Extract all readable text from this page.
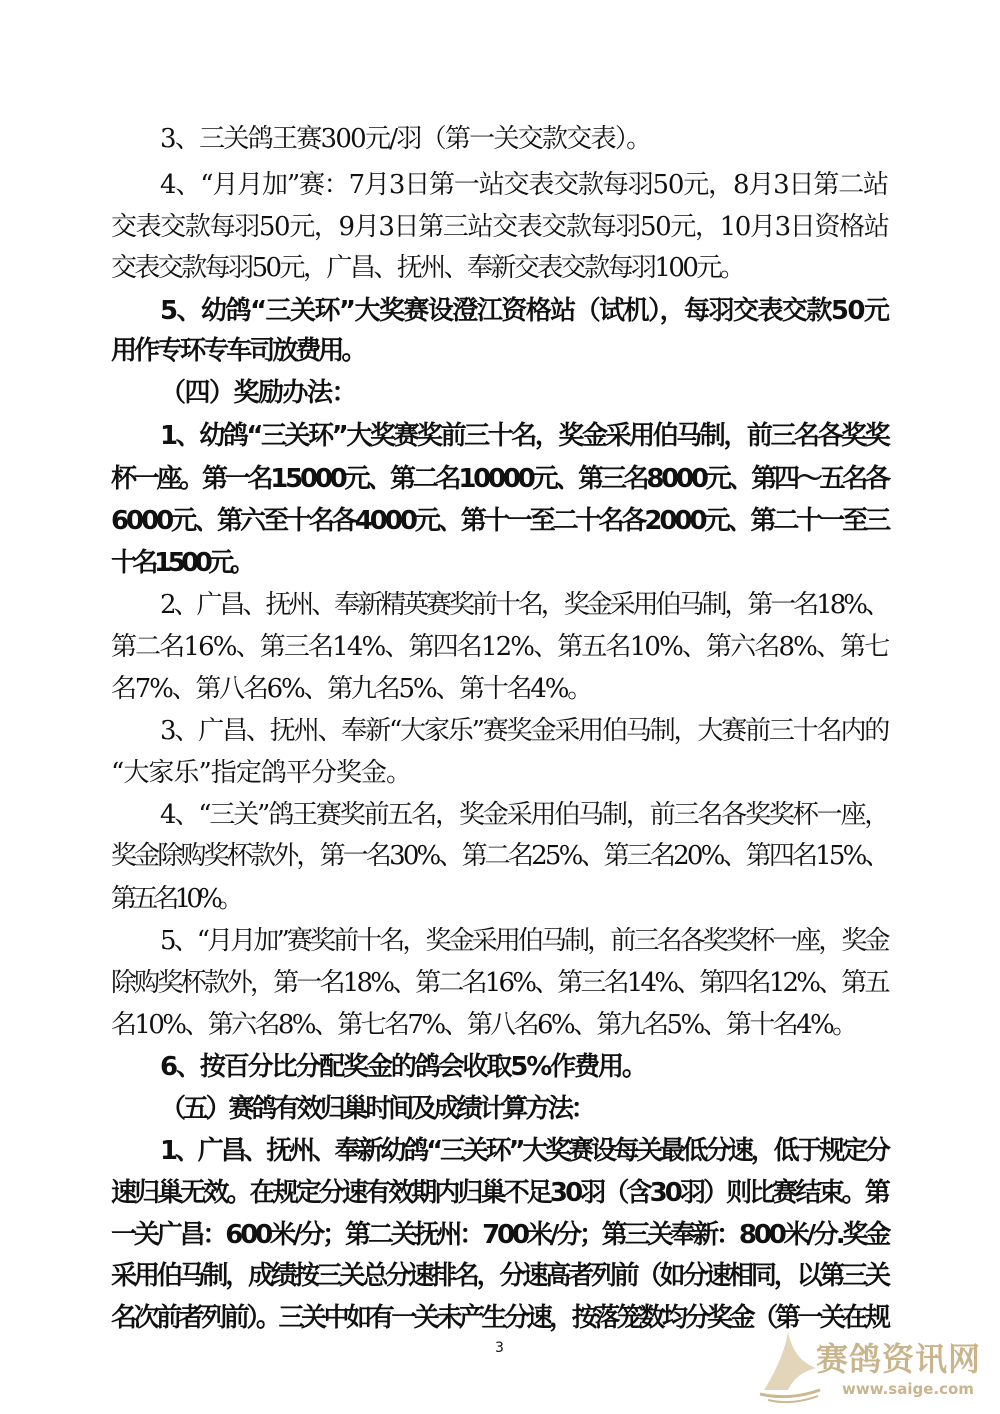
3、三关鸽王赛300元/羽（第一关交款交表）。
4、“月月加”赛：7月3日第一站交表交款每羽50元，8月3日第二站
交表交款每羽50元，9月3日第三站交表交款每羽50元，10月3日资格站
交表交款每羽50元，广昌、抚州、奉新交表交款每羽100元。
5、幼鸽“三关环”大奖赛设澄江资格站（试机），每羽交表交款50元
用作专环专车司放费用。
（四）奖励办法：
1、幼鸽“三关环”大奖赛奖前三十名，奖金采用伯马制，前三名各奖奖
杯一座。第一名15000元、第二名10000元、第三名8000元、第四～五名各
6000元、第六至十名各4000元、第十一至二十名各2000元、第二十一至三
十名1500元。
2、广昌、抚州、奉新精英赛奖前十名，奖金采用伯马制，第一名18%、
第二名16%、第三名14%、第四名12%、第五名10%、第六名8%、第七
名7%、第八名6%、第九名5%、第十名4%。
3、广昌、抚州、奉新“大家乐”赛奖金采用伯马制，大赛前三十名内的
“大家乐”指定鸽平分奖金。
4、“三关”鸽王赛奖前五名，奖金采用伯马制，前三名各奖奖杯一座，
奖金除购奖杯款外，第一名30%、第二名25%、第三名20%、第四名15%、
第五名10%。
5、“月月加”赛奖前十名，奖金采用伯马制，前三名各奖奖杯一座，奖金
除购奖杯款外，第一名18%、第二名16%、第三名14%、第四名12%、第五
名10%、第六名8%、第七名7%、第八名6%、第九名5%、第十名4%。
6、按百分比分配奖金的鸽会收取5%作费用。
（五）赛鸽有效归巢时间及成绩计算方法：
1、广昌、抚州、奉新幼鸽“三关环”大奖赛设每关最低分速，低于规定分
速归巢无效。在规定分速有效期内归巢不足30羽（含30羽）则比赛结束。第
一关广昌：600米/分；第二关抚州：700米/分；第三关奉新：800米/分.奖金
采用伯马制，成绩按三关总分速排名，分速高者列前（如分速相同，以第三关
名次前者列前）。三关中如有一关未产生分速，按落笼数均分奖金（第一关在规
3	赛鸽资讯网
www.saige.com
